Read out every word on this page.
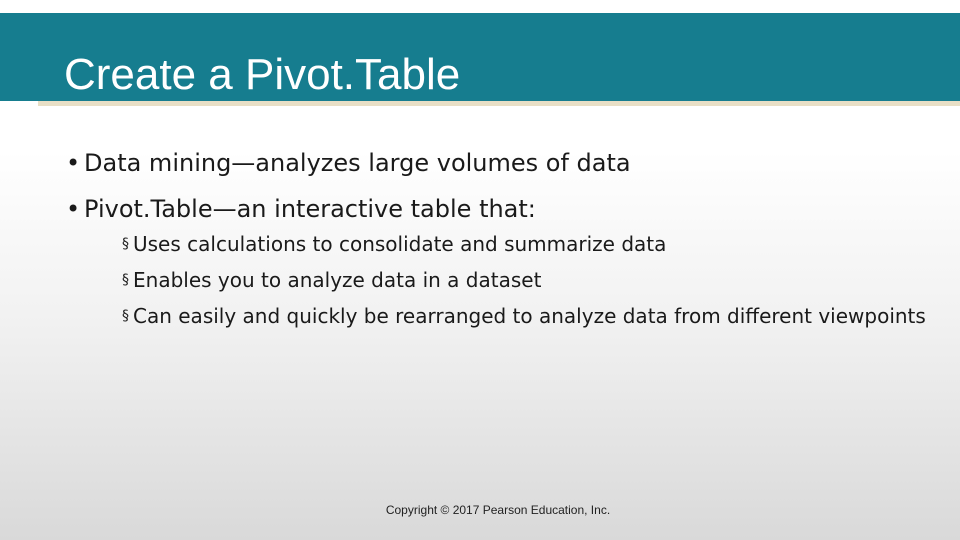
Create a Pivot.Table
• Data mining—analyzes large volumes of data
• Pivot.Table—an interactive table that:
§ Uses calculations to consolidate and summarize data
§ Enables you to analyze data in a dataset
§ Can easily and quickly be rearranged to analyze data from different viewpoints
Copyright © 2017 Pearson Education, Inc.
